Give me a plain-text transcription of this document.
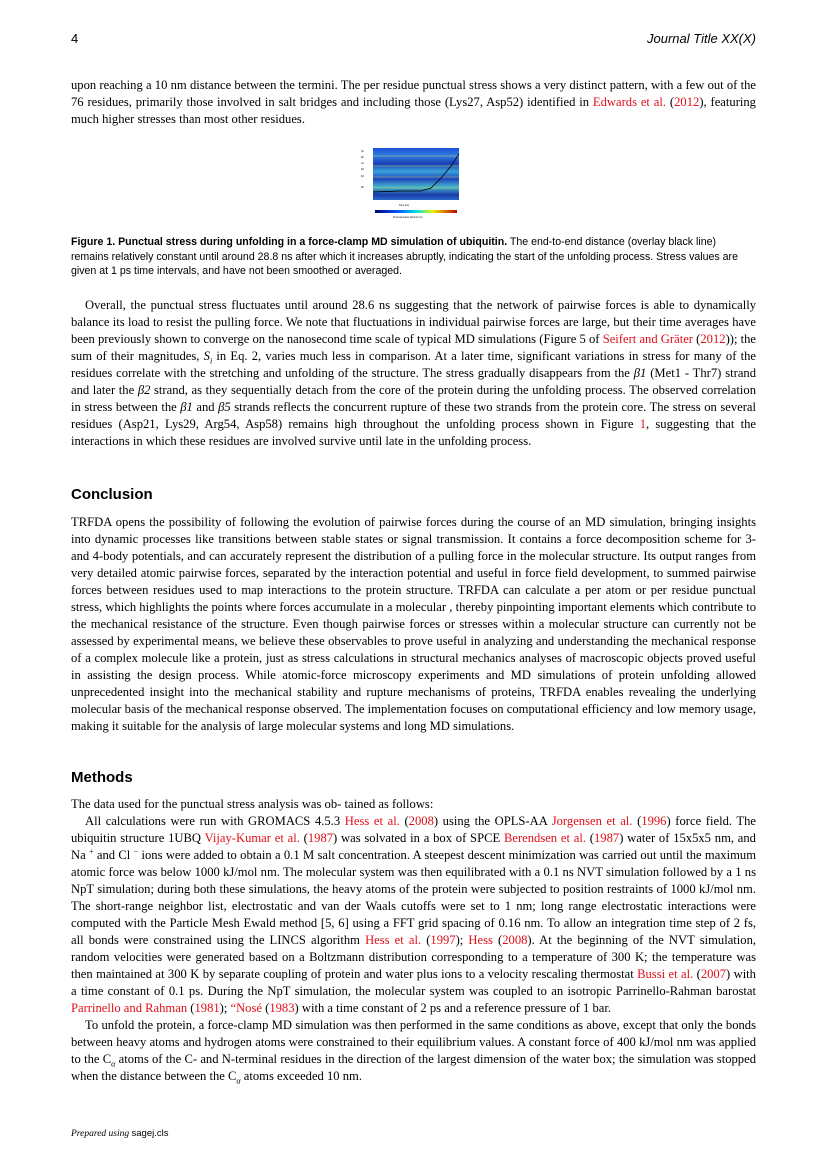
4	Journal Title XX(X)

upon reaching a 10 nm distance between the termini. The per residue punctual stress shows a very distinct pattern, with a few out of the 76 residues, primarily those involved in salt bridges and including those (Lys27, Asp52) identified in Edwards et al. (2012), featuring much higher stresses than most other residues.

β1
β2
α1
β3
β4
β5
Time (ns)
Punctual stress (kJ/mol nm)
Figure 1. Punctual stress during unfolding in a force-clamp MD simulation of ubiquitin. The end-to-end distance (overlay black line) remains relatively constant until around 28.8 ns after which it increases abruptly, indicating the start of the unfolding process. Stress values are given at 1 ps time intervals, and have not been smoothed or averaged.

Overall, the punctual stress fluctuates until around 28.6 ns suggesting that the network of pairwise forces is able to dynamically balance its load to resist the pulling force. We note that fluctuations in individual pairwise forces are large, but their time averages have been previously shown to converge on the nanosecond time scale of typical MD simulations (Figure 5 of Seifert and Gräter (2012)); the sum of their magnitudes, $S_i$ in Eq. 2, varies much less in comparison. At a later time, significant variations in stress for many of the residues correlate with the stretching and unfolding of the structure. The stress gradually disappears from the β1 (Met1 - Thr7) strand and later the β2 strand, as they sequentially detach from the core of the protein during the unfolding process. The observed correlation in stress between the β1 and β5 strands reflects the concurrent rupture of these two strands from the protein core. The stress on several residues (Asp21, Lys29, Arg54, Asp58) remains high throughout the unfolding process shown in Figure 1, suggesting that the interactions in which these residues are involved survive until late in the unfolding process.

Conclusion

TRFDA opens the possibility of following the evolution of pairwise forces during the course of an MD simulation, bringing insights into dynamic processes like transitions between stable states or signal transmission. It contains a force decomposition scheme for 3- and 4-body potentials, and can accurately represent the distribution of a pulling force in the molecular structure. Its output ranges from very detailed atomic pairwise forces, separated by the interaction potential and useful in force field development, to summed pairwise forces between residues used to map interactions to the protein structure. TRFDA can calculate a per atom or per residue punctual stress, which highlights the points where forces accumulate in a molecular , thereby pinpointing important elements which contribute to the mechanical resistance of the structure. Even though pairwise forces or stresses within a molecular structure can currently not be assessed by experimental means, we believe these observables to prove useful in analyzing and understanding the mechanical response of a complex molecule like a protein, just as stress calculations in structural mechanics analyses of macroscopic objects proved useful in assisting the design process. While atomic-force microscopy experiments and MD simulations of protein unfolding allowed unprecedented insight into the mechanical stability and rupture mechanisms of proteins, TRFDA enables revealing the underlying molecular basis of the mechanical response observed. The implementation focuses on computational efficiency and low memory usage, making it suitable for the analysis of large molecular systems and long MD simulations.

Methods

The data used for the punctual stress analysis was ob- tained as follows:

All calculations were run with GROMACS 4.5.3 Hess et al. (2008) using the OPLS-AA Jorgensen et al. (1996) force field. The ubiquitin structure 1UBQ Vijay-Kumar et al. (1987) was solvated in a box of SPCE Berendsen et al. (1987) water of 15x5x5 nm, and Na + and Cl − ions were added to obtain a 0.1 M salt concentration. A steepest descent minimization was carried out until the maximum atomic force was below 1000 kJ/mol nm. The molecular system was then equilibrated with a 0.1 ns NVT simulation followed by a 1 ns NpT simulation; during both these simulations, the heavy atoms of the protein were subjected to position restraints of 1000 kJ/mol nm. The short-range neighbor list, electrostatic and van der Waals cutoffs were set to 1 nm; long range electrostatic interactions were computed with the Particle Mesh Ewald method [5, 6] using a FFT grid spacing of 0.16 nm. To allow an integration time step of 2 fs, all bonds were constrained using the LINCS algorithm Hess et al. (1997); Hess (2008). At the beginning of the NVT simulation, random velocities were generated based on a Boltzmann distribution corresponding to a temperature of 300 K; the temperature was then maintained at 300 K by separate coupling of protein and water plus ions to a velocity rescaling thermostat Bussi et al. (2007) with a time constant of 0.1 ps. During the NpT simulation, the molecular system was coupled to an isotropic Parrinello-Rahman barostat Parrinello and Rahman (1981); “Nosé (1983) with a time constant of 2 ps and a reference pressure of 1 bar.

To unfold the protein, a force-clamp MD simulation was then performed in the same conditions as above, except that only the bonds between heavy atoms and hydrogen atoms were constrained to their equilibrium values. A constant force of 400 kJ/mol nm was applied to the $C_\alpha$ atoms of the C- and N-terminal residues in the direction of the largest dimension of the water box; the simulation was stopped when the distance between the $C_\alpha$ atoms exceeded 10 nm.

Prepared using sagej.cls
